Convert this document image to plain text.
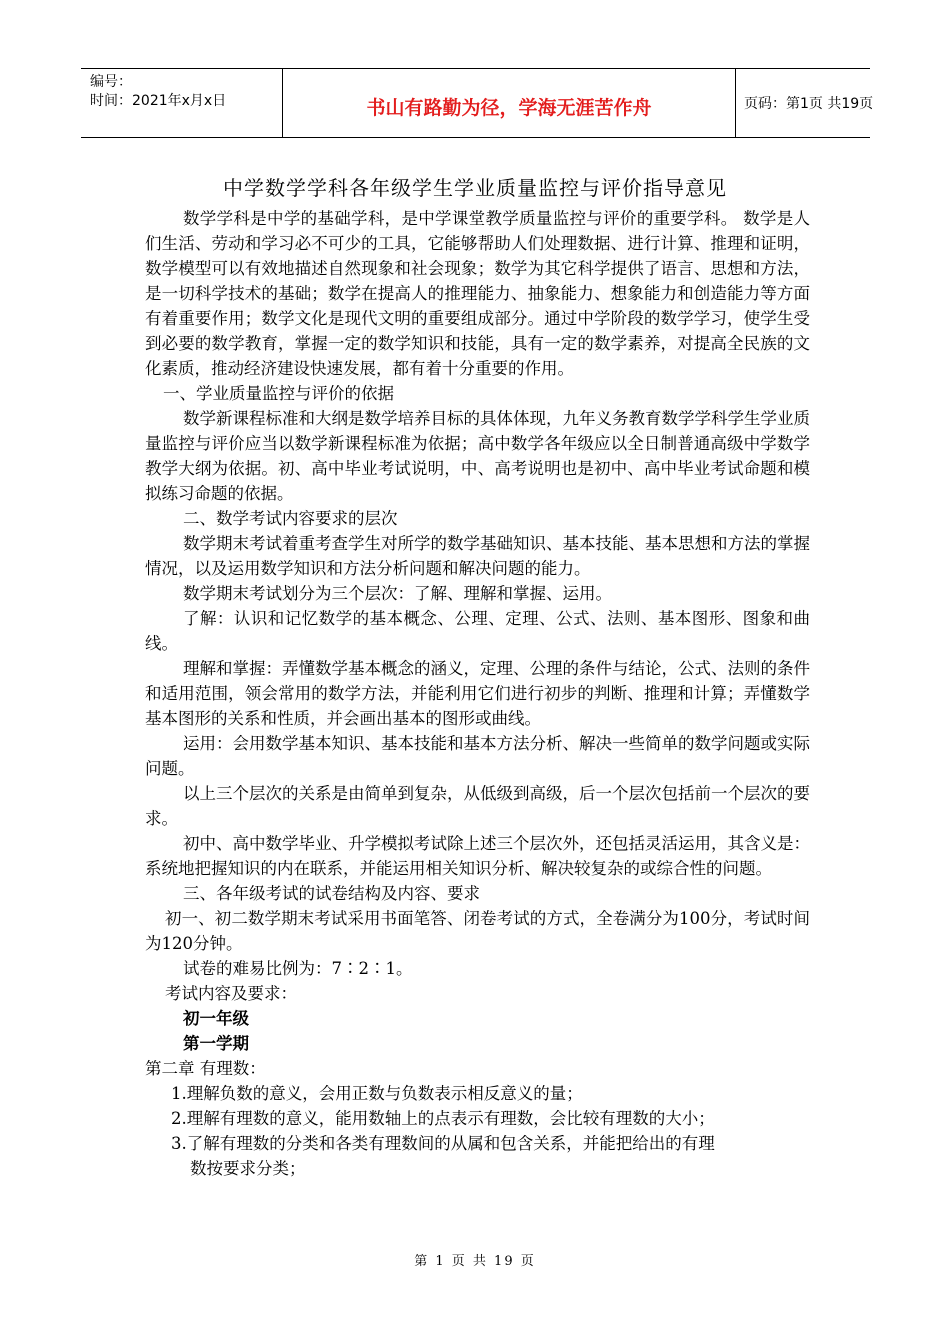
编号：
时间：2021年x月x日	书山有路勤为径，学海无涯苦作舟	页码：第1页 共19页
中学数学学科各年级学生学业质量监控与评价指导意见

数学学科是中学的基础学科，是中学课堂教学质量监控与评价的重要学科。 数学是人们生活、劳动和学习必不可少的工具，它能够帮助人们处理数据、进行计算、推理和证明，数学模型可以有效地描述自然现象和社会现象；数学为其它科学提供了语言、思想和方法，是一切科学技术的基础；数学在提高人的推理能力、抽象能力、想象能力和创造能力等方面有着重要作用；数学文化是现代文明的重要组成部分。通过中学阶段的数学学习，使学生受到必要的数学教育，掌握一定的数学知识和技能，具有一定的数学素养，对提高全民族的文化素质，推动经济建设快速发展，都有着十分重要的作用。

一、学业质量监控与评价的依据

数学新课程标准和大纲是数学培养目标的具体体现，九年义务教育数学学科学生学业质量监控与评价应当以数学新课程标准为依据；高中数学各年级应以全日制普通高级中学数学教学大纲为依据。初、高中毕业考试说明，中、高考说明也是初中、高中毕业考试命题和模拟练习命题的依据。

二、数学考试内容要求的层次

数学期末考试着重考查学生对所学的数学基础知识、基本技能、基本思想和方法的掌握情况，以及运用数学知识和方法分析问题和解决问题的能力。

数学期末考试划分为三个层次：了解、理解和掌握、运用。

了解：认识和记忆数学的基本概念、公理、定理、公式、法则、基本图形、图象和曲线。

理解和掌握：弄懂数学基本概念的涵义，定理、公理的条件与结论，公式、法则的条件和适用范围，领会常用的数学方法，并能利用它们进行初步的判断、推理和计算；弄懂数学基本图形的关系和性质，并会画出基本的图形或曲线。

运用：会用数学基本知识、基本技能和基本方法分析、解决一些简单的数学问题或实际问题。

以上三个层次的关系是由简单到复杂，从低级到高级，后一个层次包括前一个层次的要求。

初中、高中数学毕业、升学模拟考试除上述三个层次外，还包括灵活运用，其含义是：系统地把握知识的内在联系，并能运用相关知识分析、解决较复杂的或综合性的问题。

三、各年级考试的试卷结构及内容、要求

初一、初二数学期末考试采用书面笔答、闭卷考试的方式，全卷满分为100分，考试时间为120分钟。

试卷的难易比例为：7∶2∶1。

考试内容及要求：

初一年级

第一学期

第二章 有理数：

1.理解负数的意义，会用正数与负数表示相反意义的量；

2.理解有理数的意义，能用数轴上的点表示有理数，会比较有理数的大小；

3.了解有理数的分类和各类有理数间的从属和包含关系，并能把给出的有理

数按要求分类；

第 1 页 共 19 页
